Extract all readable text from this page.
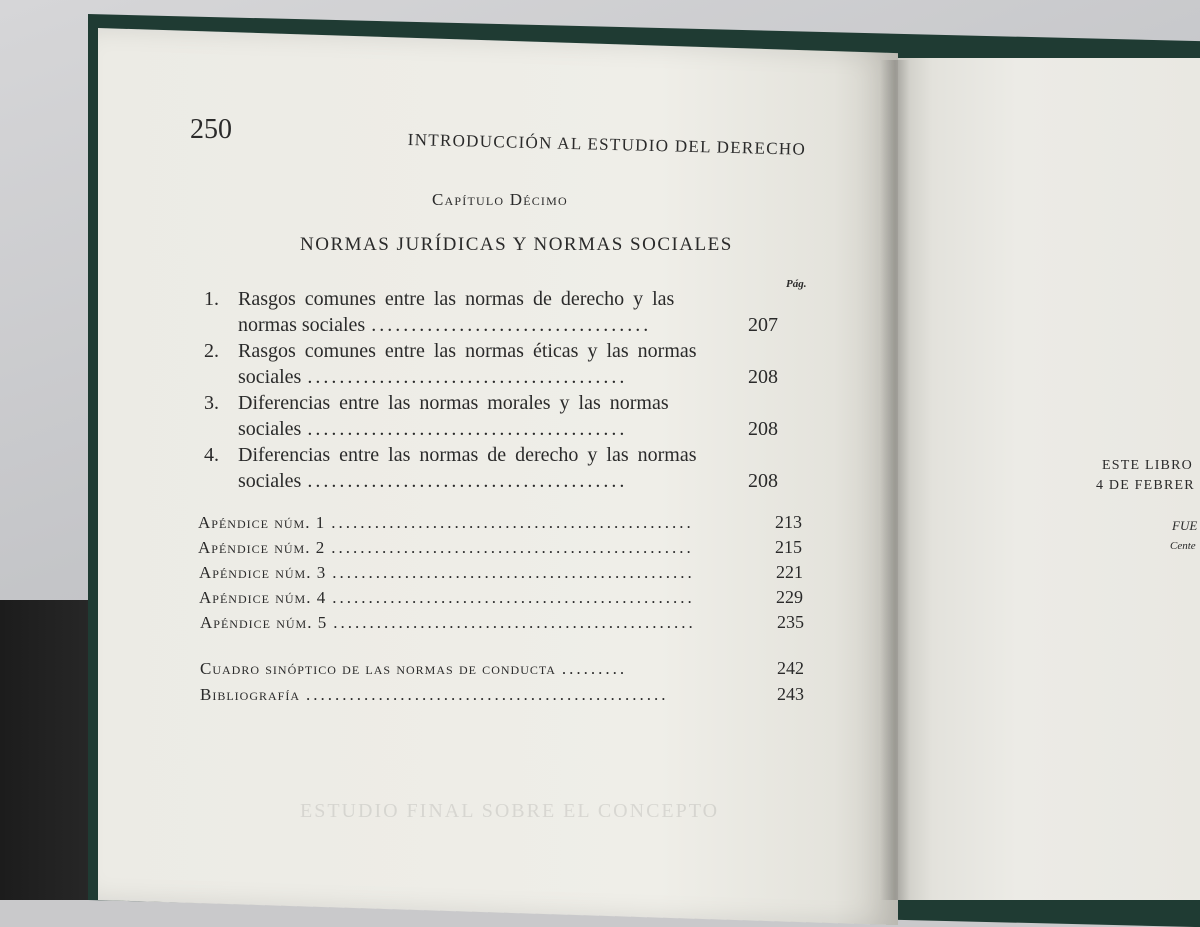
ESTUDIO FINAL SOBRE EL CONCEPTO
250	INTRODUCCIÓN AL ESTUDIO DEL DERECHO
Capítulo Décimo
NORMAS JURÍDICAS Y NORMAS SOCIALES
Pág.
1. Rasgos comunes entre las normas de derecho y las
normas sociales ...................................	207
2. Rasgos comunes entre las normas éticas y las normas
sociales ........................................	208
3. Diferencias entre las normas morales y las normas
sociales ........................................	208
4. Diferencias entre las normas de derecho y las normas
sociales ........................................	208
Apéndice núm. 1 ..................................................	213
Apéndice núm. 2 ..................................................	215
Apéndice núm. 3 ..................................................	221
Apéndice núm. 4 ..................................................	229
Apéndice núm. 5 ..................................................	235
Cuadro sinóptico de las normas de conducta .........	242
Bibliografía ..................................................	243
ESTE LIBRO
4 DE FEBRER
FUE
Cente
